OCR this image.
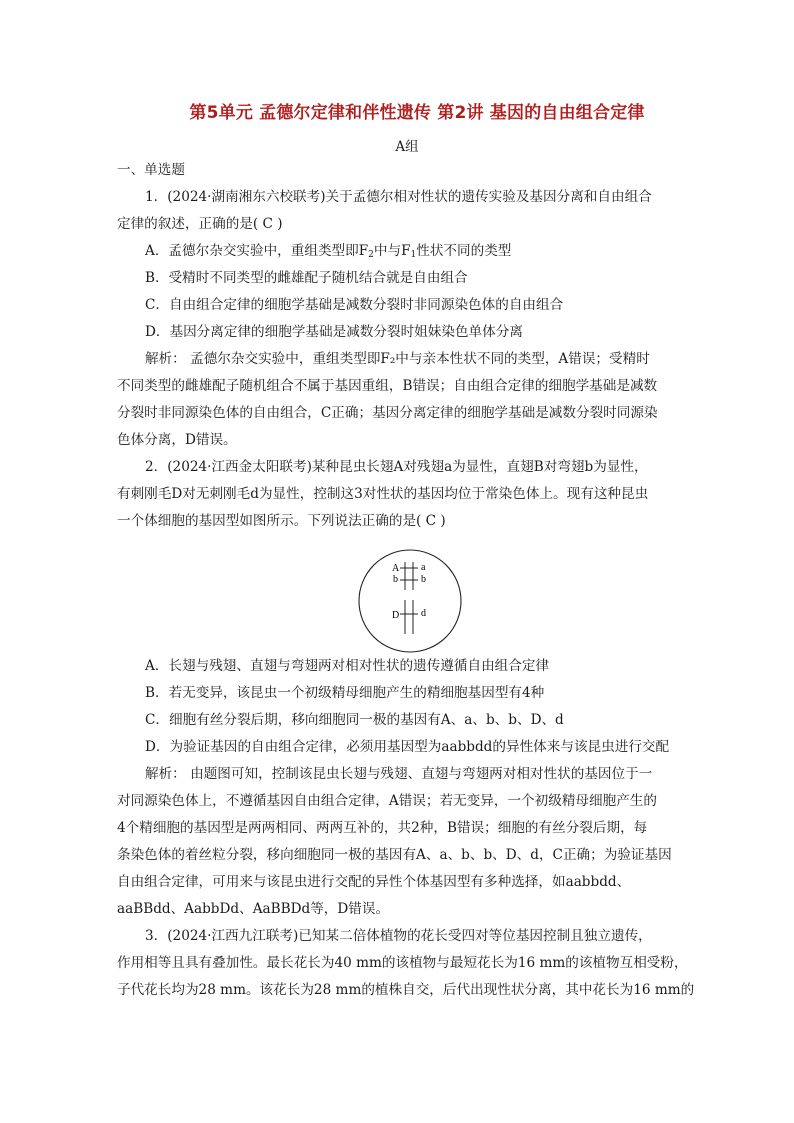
第5单元 孟德尔定律和伴性遗传 第2讲 基因的自由组合定律
A组
一、单选题
1．(2024·湖南湘东六校联考)关于孟德尔相对性状的遗传实验及基因分离和自由组合
定律的叙述，正确的是( C )
A．孟德尔杂交实验中，重组类型即$F_2$中与$F_1$性状不同的类型
B．受精时不同类型的雌雄配子随机结合就是自由组合
C．自由组合定律的细胞学基础是减数分裂时非同源染色体的自由组合
D．基因分离定律的细胞学基础是减数分裂时姐妹染色单体分离
解析： 孟德尔杂交实验中，重组类型即F₂中与亲本性状不同的类型，A错误；受精时
不同类型的雌雄配子随机组合不属于基因重组，B错误；自由组合定律的细胞学基础是减数
分裂时非同源染色体的自由组合，C正确；基因分离定律的细胞学基础是减数分裂时同源染
色体分离，D错误。
2．(2024·江西金太阳联考)某种昆虫长翅A对残翅a为显性，直翅B对弯翅b为显性，
有刺刚毛D对无刺刚毛d为显性，控制这3对性状的基因均位于常染色体上。现有这种昆虫
一个体细胞的基因型如图所示。下列说法正确的是( C )
A a
b b
D d
A．长翅与残翅、直翅与弯翅两对相对性状的遗传遵循自由组合定律
B．若无变异，该昆虫一个初级精母细胞产生的精细胞基因型有4种
C．细胞有丝分裂后期，移向细胞同一极的基因有A、a、b、b、D、d
D．为验证基因的自由组合定律，必须用基因型为aabbdd的异性体来与该昆虫进行交配
解析： 由题图可知，控制该昆虫长翅与残翅、直翅与弯翅两对相对性状的基因位于一
对同源染色体上，不遵循基因自由组合定律，A错误；若无变异，一个初级精母细胞产生的
4个精细胞的基因型是两两相同、两两互补的，共2种，B错误；细胞的有丝分裂后期，每
条染色体的着丝粒分裂，移向细胞同一极的基因有A、a、b、b、D、d，C正确；为验证基因
自由组合定律，可用来与该昆虫进行交配的异性个体基因型有多种选择，如aabbdd、
aaBBdd、AabbDd、AaBBDd等，D错误。
3．(2024·江西九江联考)已知某二倍体植物的花长受四对等位基因控制且独立遗传，
作用相等且具有叠加性。最长花长为40 mm的该植物与最短花长为16 mm的该植物互相受粉，
子代花长均为28 mm。该花长为28 mm的植株自交，后代出现性状分离，其中花长为16 mm的
